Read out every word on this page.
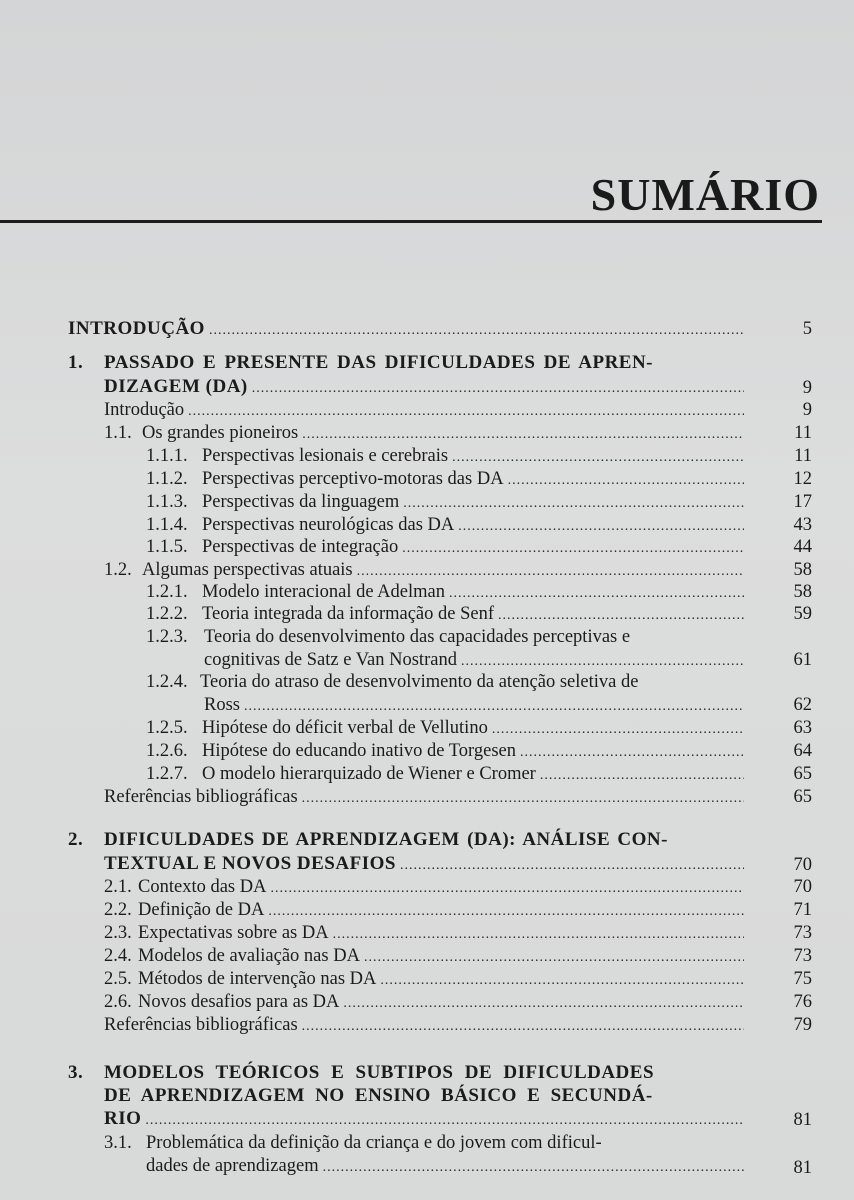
SUMÁRIO
INTRODUÇÃO .....	5
1. PASSADO E PRESENTE DAS DIFICULDADES DE APREN-
DIZAGEM (DA) .....	9
Introdução .....	9
1.1. Os grandes pioneiros .....	11
1.1.1. Perspectivas lesionais e cerebrais .....	11
1.1.2. Perspectivas perceptivo-motoras das DA .....	12
1.1.3. Perspectivas da linguagem .....	17
1.1.4. Perspectivas neurológicas das DA .....	43
1.1.5. Perspectivas de integração .....	44
1.2. Algumas perspectivas atuais .....	58
1.2.1. Modelo interacional de Adelman .....	58
1.2.2. Teoria integrada da informação de Senf .....	59
1.2.3. Teoria do desenvolvimento das capacidades perceptivas e
cognitivas de Satz e Van Nostrand .....	61
1.2.4. Teoria do atraso de desenvolvimento da atenção seletiva de
Ross .....	62
1.2.5. Hipótese do déficit verbal de Vellutino .....	63
1.2.6. Hipótese do educando inativo de Torgesen .....	64
1.2.7. O modelo hierarquizado de Wiener e Cromer .....	65
Referências bibliográficas .....	65
2. DIFICULDADES DE APRENDIZAGEM (DA): ANÁLISE CON-
TEXTUAL E NOVOS DESAFIOS .....	70
2.1. Contexto das DA .....	70
2.2. Definição de DA .....	71
2.3. Expectativas sobre as DA .....	73
2.4. Modelos de avaliação nas DA .....	73
2.5. Métodos de intervenção nas DA .....	75
2.6. Novos desafios para as DA .....	76
Referências bibliográficas .....	79
3. MODELOS TEÓRICOS E SUBTIPOS DE DIFICULDADES
DE APRENDIZAGEM NO ENSINO BÁSICO E SECUNDÁ-
RIO .....	81
3.1. Problemática da definição da criança e do jovem com dificul-
dades de aprendizagem .....	81
